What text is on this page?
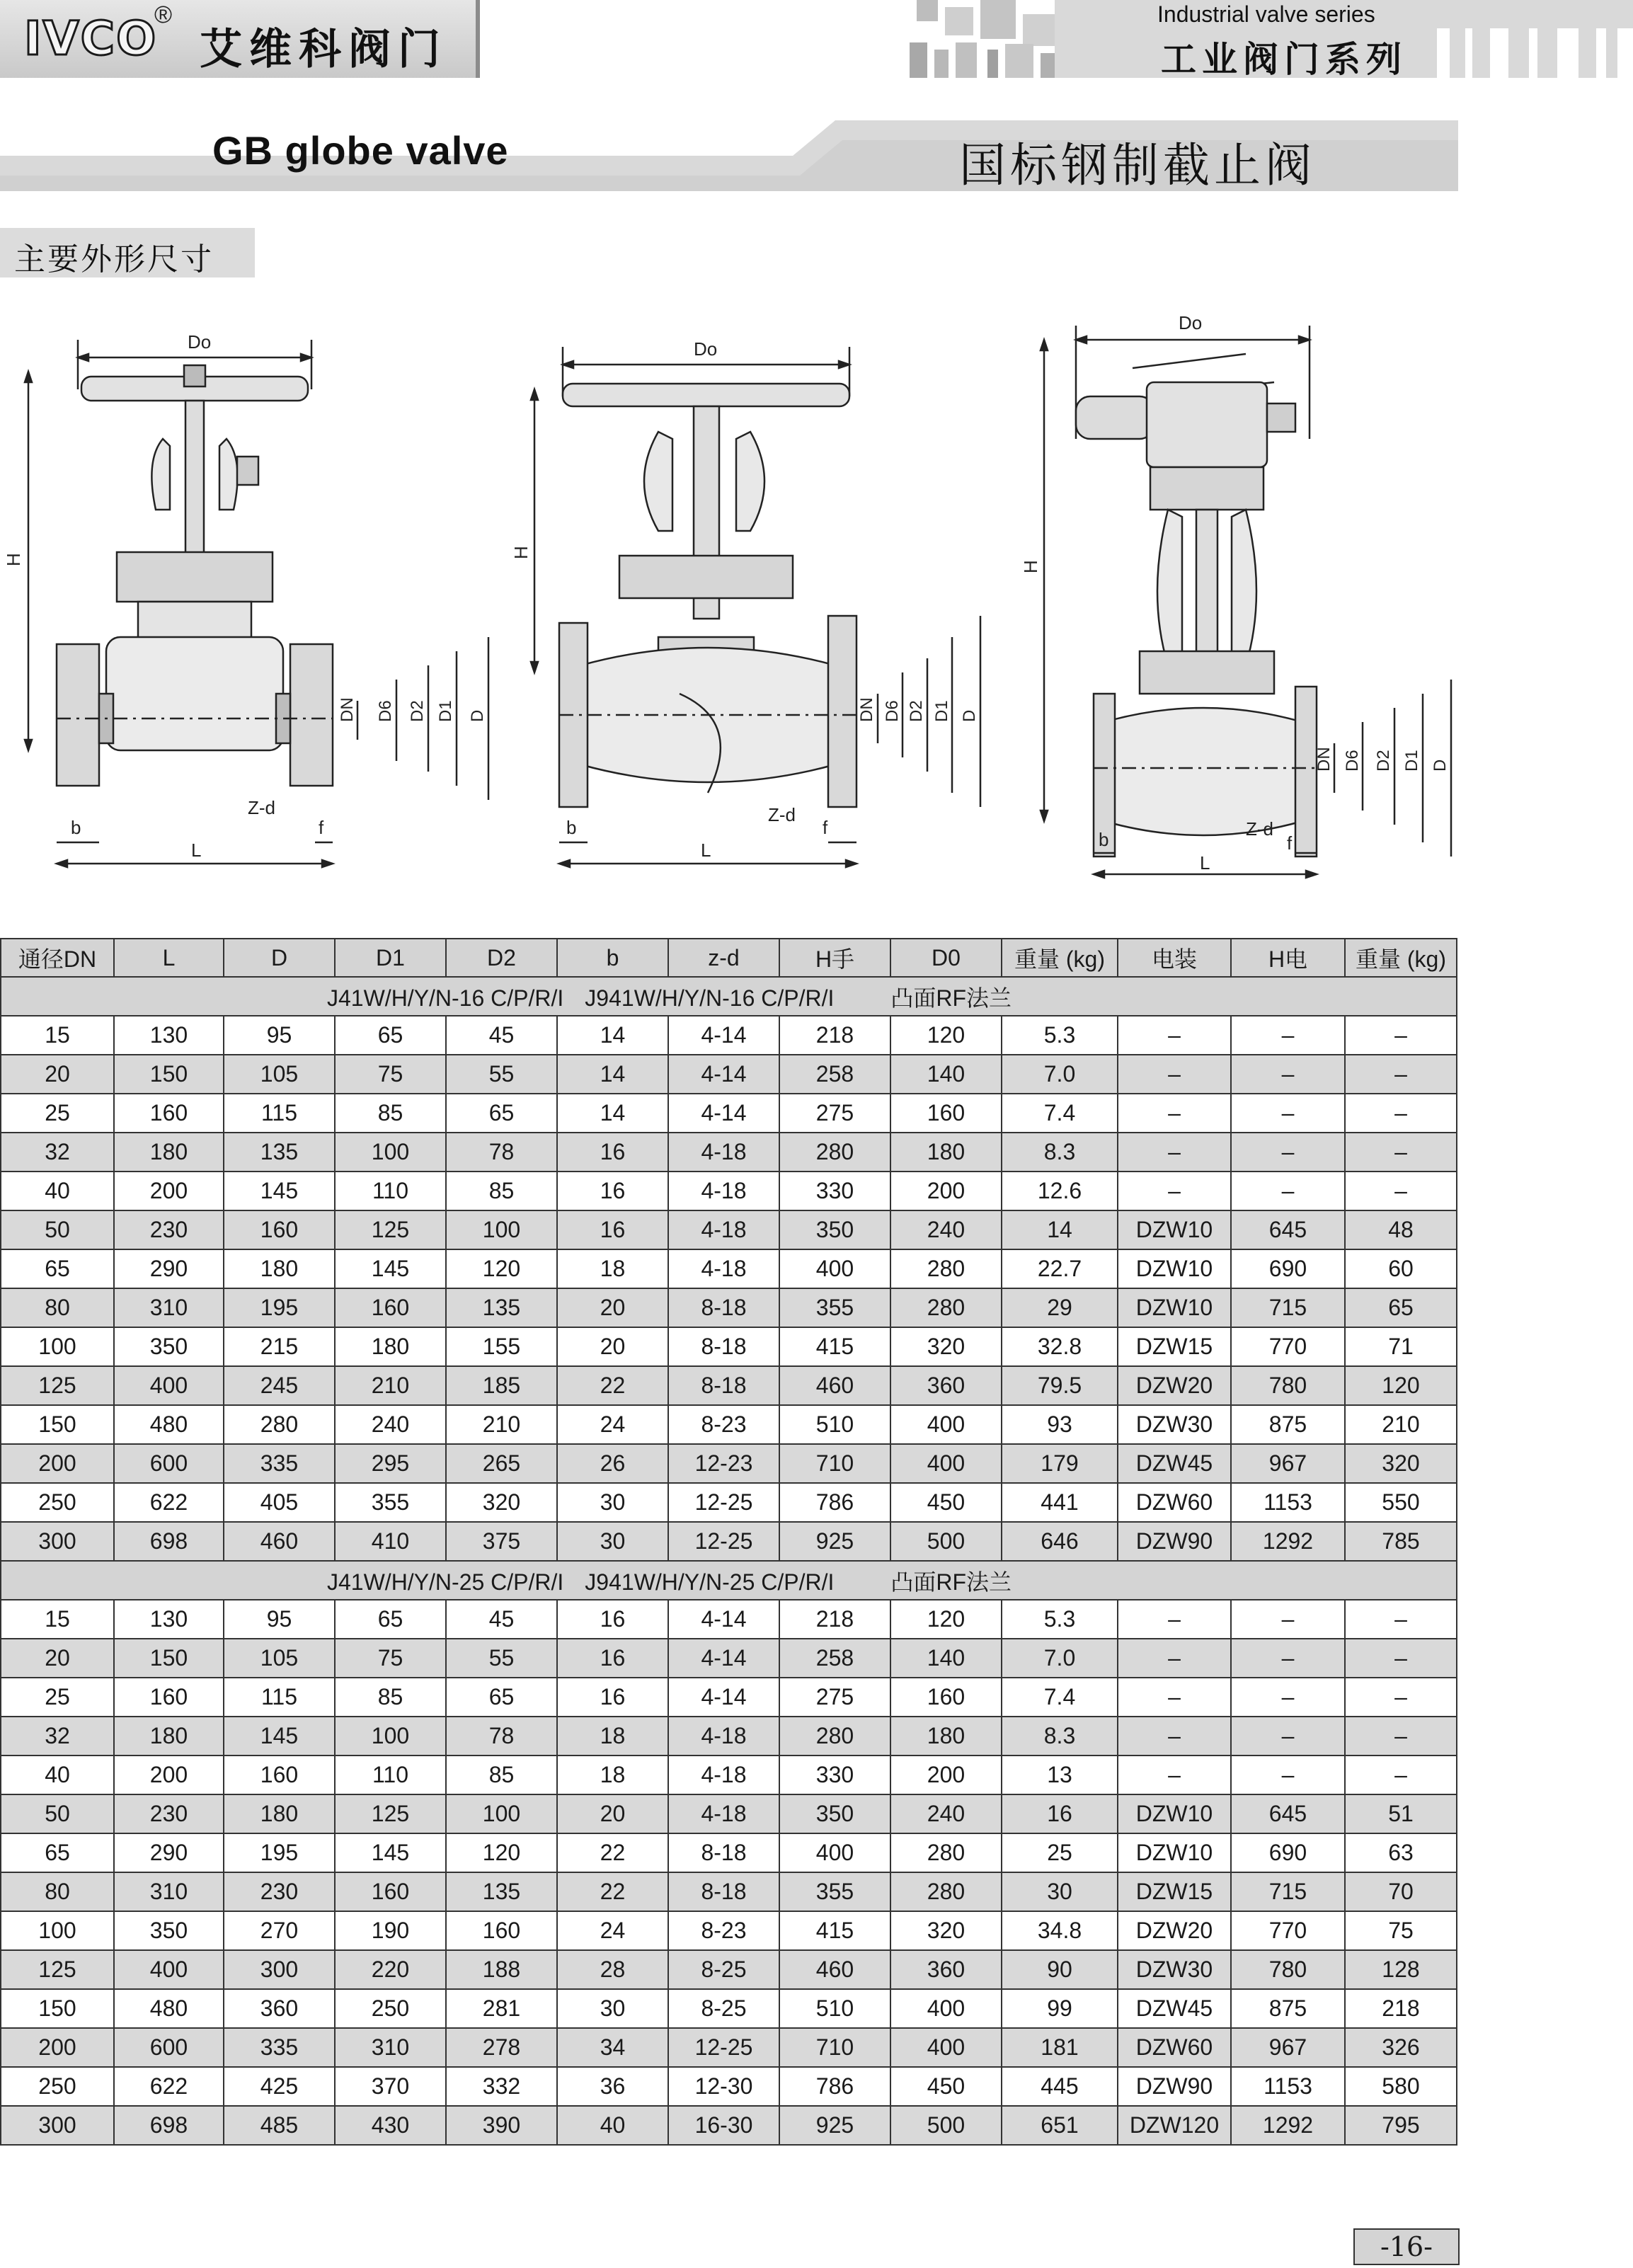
IVCO
®
艾维科阀门
Industrial valve series
工业阀门系列
GB globe valve	国标钢制截止阀
主要外形尺寸
Do
H
DN D6 D2 D1 D
Z-d
b
L
f
Do
H
DN D6 D2 D1 D
Z-d
b
L
f
Do
H
DN D6 D2 D1 D
Z-d
b
L
f
通径DN	L	D	D1	D2	b	z-d	H手	D0	重量 (kg)	电装	H电	重量 (kg)
J41W/H/Y/N-16 C/P/R/I J941W/H/Y/N-16 C/P/R/I 凸面RF法兰												
15	130	95	65	45	14	4-14	218	120	5.3	–	–	–
20	150	105	75	55	14	4-14	258	140	7.0	–	–	–
25	160	115	85	65	14	4-14	275	160	7.4	–	–	–
32	180	135	100	78	16	4-18	280	180	8.3	–	–	–
40	200	145	110	85	16	4-18	330	200	12.6	–	–	–
50	230	160	125	100	16	4-18	350	240	14	DZW10	645	48
65	290	180	145	120	18	4-18	400	280	22.7	DZW10	690	60
80	310	195	160	135	20	8-18	355	280	29	DZW10	715	65
100	350	215	180	155	20	8-18	415	320	32.8	DZW15	770	71
125	400	245	210	185	22	8-18	460	360	79.5	DZW20	780	120
150	480	280	240	210	24	8-23	510	400	93	DZW30	875	210
200	600	335	295	265	26	12-23	710	400	179	DZW45	967	320
250	622	405	355	320	30	12-25	786	450	441	DZW60	1153	550
300	698	460	410	375	30	12-25	925	500	646	DZW90	1292	785
J41W/H/Y/N-25 C/P/R/I J941W/H/Y/N-25 C/P/R/I 凸面RF法兰												
15	130	95	65	45	16	4-14	218	120	5.3	–	–	–
20	150	105	75	55	16	4-14	258	140	7.0	–	–	–
25	160	115	85	65	16	4-14	275	160	7.4	–	–	–
32	180	145	100	78	18	4-18	280	180	8.3	–	–	–
40	200	160	110	85	18	4-18	330	200	13	–	–	–
50	230	180	125	100	20	4-18	350	240	16	DZW10	645	51
65	290	195	145	120	22	8-18	400	280	25	DZW10	690	63
80	310	230	160	135	22	8-18	355	280	30	DZW15	715	70
100	350	270	190	160	24	8-23	415	320	34.8	DZW20	770	75
125	400	300	220	188	28	8-25	460	360	90	DZW30	780	128
150	480	360	250	281	30	8-25	510	400	99	DZW45	875	218
200	600	335	310	278	34	12-25	710	400	181	DZW60	967	326
250	622	425	370	332	36	12-30	786	450	445	DZW90	1153	580
300	698	485	430	390	40	16-30	925	500	651	DZW120	1292	795
-16-
